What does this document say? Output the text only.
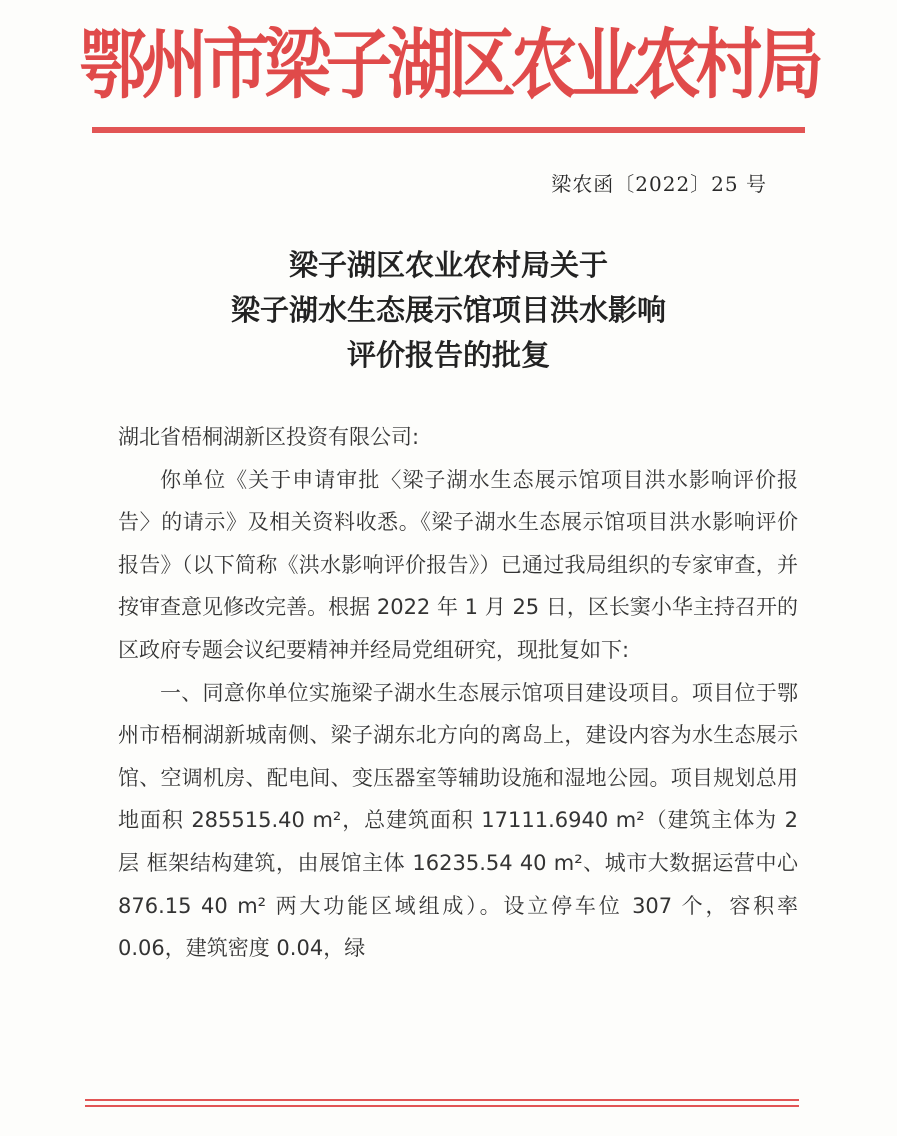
鄂州市梁子湖区农业农村局
梁农函〔2022〕25 号
梁子湖区农业农村局关于
梁子湖水生态展示馆项目洪水影响
评价报告的批复

湖北省梧桐湖新区投资有限公司:

你单位《关于申请审批〈梁子湖水生态展示馆项目洪水影响评价报告〉的请示》及相关资料收悉。《梁子湖水生态展示馆项目洪水影响评价报告》（以下简称《洪水影响评价报告》）已通过我局组织的专家审查，并按审查意见修改完善。根据 2022 年 1 月 25 日，区长窦小华主持召开的区政府专题会议纪要精神并经局党组研究，现批复如下:

一、同意你单位实施梁子湖水生态展示馆项目建设项目。项目位于鄂州市梧桐湖新城南侧、梁子湖东北方向的离岛上，建设内容为水生态展示馆、空调机房、配电间、变压器室等辅助设施和湿地公园。项目规划总用地面积 285515.40 m²，总建筑面积 17111.6940 m²（建筑主体为 2 层 框架结构建筑，由展馆主体 16235.54 40 m²、城市大数据运营中心 876.15 40 m² 两大功能区域组成）。设立停车位 307 个，容积率 0.06，建筑密度 0.04，绿
